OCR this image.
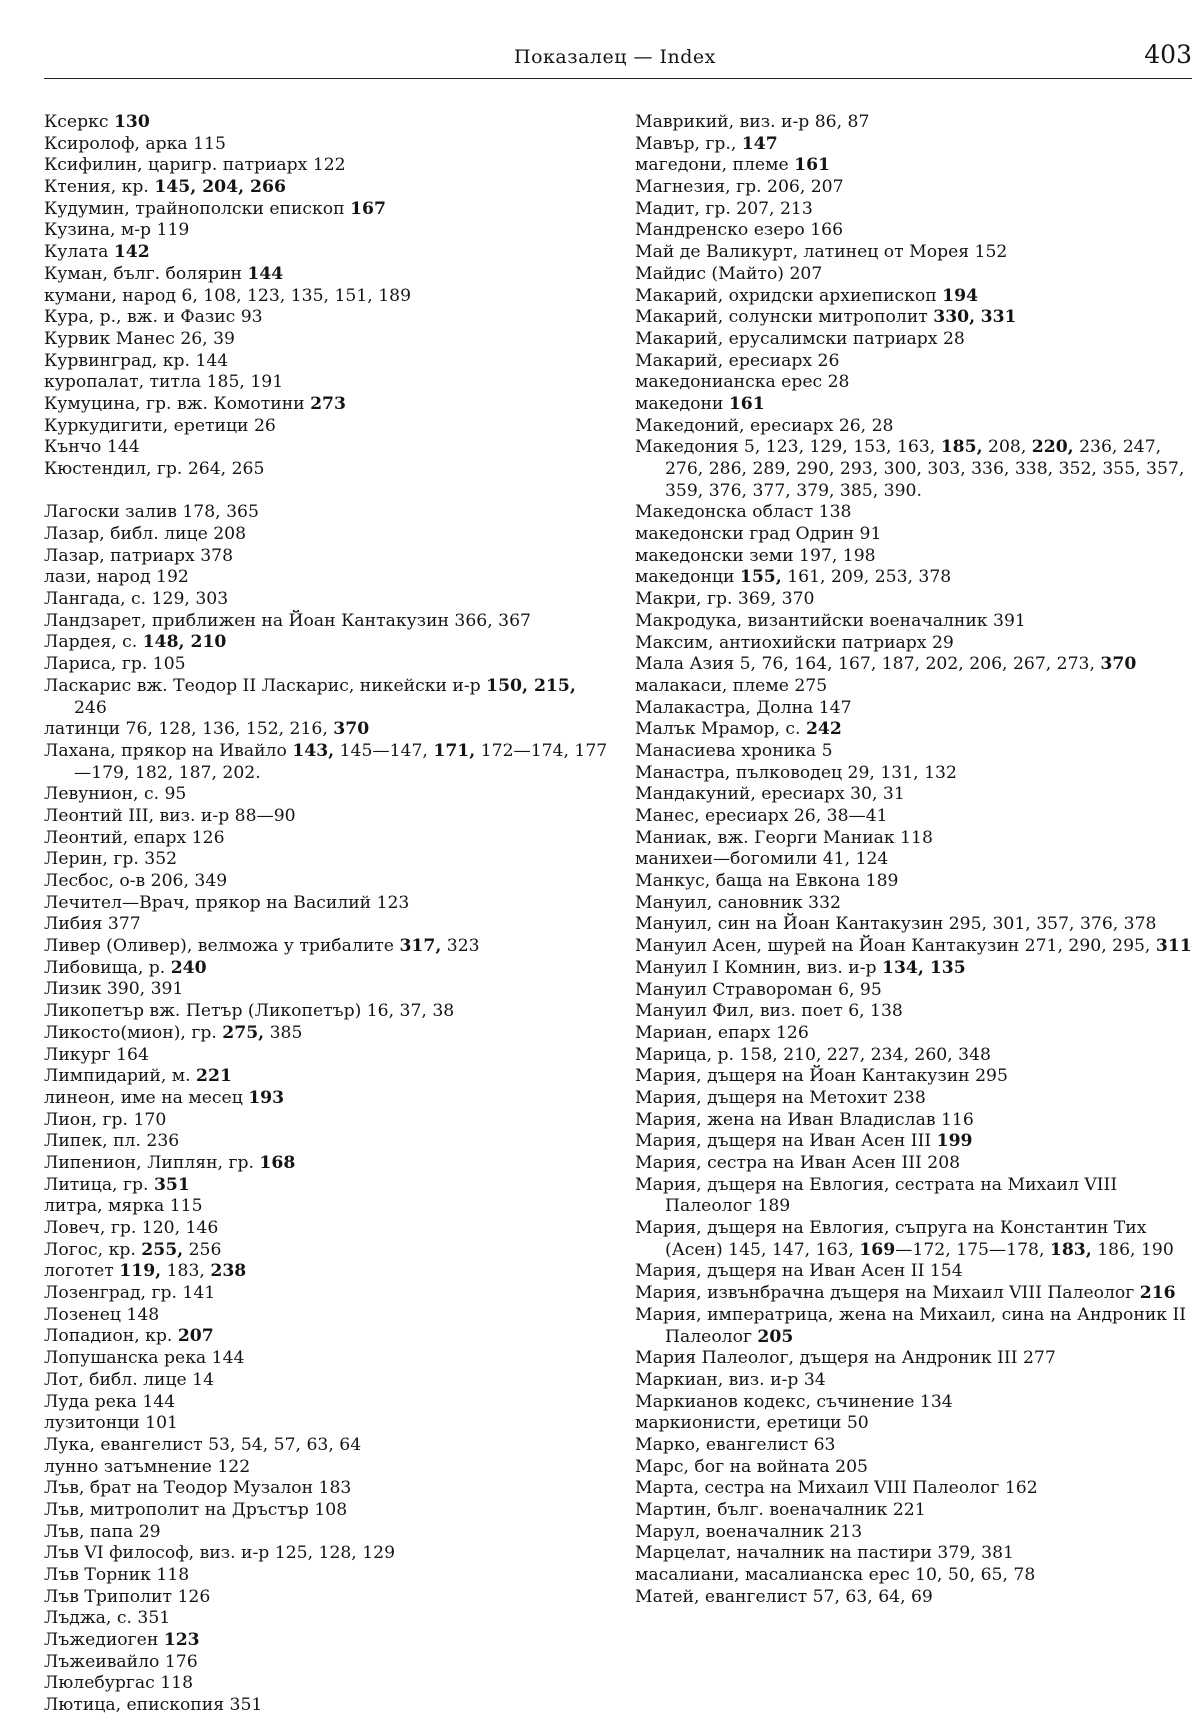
Показалец — Index	403
Ксеркс 130
Ксиролоф, арка 115
Ксифилин, царигр. патриарх 122
Ктения, кр. 145, 204, 266
Кудумин, трайнополски епископ 167
Кузина, м-р 119
Кулата 142
Куман, бълг. болярин 144
кумани, народ 6, 108, 123, 135, 151, 189
Кура, р., вж. и Фазис 93
Курвик Манес 26, 39
Курвинград, кр. 144
куропалат, титла 185, 191
Кумуцина, гр. вж. Комотини 273
Куркудигити, еретици 26
Кънчо 144
Кюстендил, гр. 264, 265
Лагоски залив 178, 365
Лазар, библ. лице 208
Лазар, патриарх 378
лази, народ 192
Лангада, с. 129, 303
Ландзарет, приближен на Йоан Кантакузин 366, 367
Лардея, с. 148, 210
Лариса, гр. 105
Ласкарис вж. Теодор II Ласкарис, никейски и-р 150, 215, 246
латинци 76, 128, 136, 152, 216, 370
Лахана, прякор на Ивайло 143, 145—147, 171, 172—174, 177—179, 182, 187, 202.
Левунион, с. 95
Леонтий III, виз. и-р 88—90
Леонтий, епарх 126
Лерин, гр. 352
Лесбос, о-в 206, 349
Лечител—Врач, прякор на Василий 123
Либия 377
Ливер (Оливер), велможа у трибалите 317, 323
Либовища, р. 240
Лизик 390, 391
Ликопетър вж. Петър (Ликопетър) 16, 37, 38
Ликосто(мион), гр. 275, 385
Ликург 164
Лимпидарий, м. 221
линеон, име на месец 193
Лион, гр. 170
Липек, пл. 236
Липенион, Липлян, гр. 168
Литица, гр. 351
литра, мярка 115
Ловеч, гр. 120, 146
Логос, кр. 255, 256
логотет 119, 183, 238
Лозенград, гр. 141
Лозенец 148
Лопадион, кр. 207
Лопушанска река 144
Лот, библ. лице 14
Луда река 144
лузитонци 101
Лука, евангелист 53, 54, 57, 63, 64
лунно затъмнение 122
Лъв, брат на Теодор Музалон 183
Лъв, митрополит на Дръстър 108
Лъв, папа 29
Лъв VI философ, виз. и-р 125, 128, 129
Лъв Торник 118
Лъв Триполит 126
Лъджа, с. 351
Лъжедиоген 123
Лъжеивайло 176
Люлебургас 118
Лютица, епископия 351
Маврикий, виз. и-р 86, 87
Мавър, гр., 147
магедони, племе 161
Магнезия, гр. 206, 207
Мадит, гр. 207, 213
Мандренско езеро 166
Май де Валикурт, латинец от Морея 152
Майдис (Майто) 207
Макарий, охридски архиепископ 194
Макарий, солунски митрополит 330, 331
Макарий, ерусалимски патриарх 28
Макарий, ересиарх 26
македонианска ерес 28
македони 161
Македоний, ересиарх 26, 28
Македония 5, 123, 129, 153, 163, 185, 208, 220, 236, 247, 276, 286, 289, 290, 293, 300, 303, 336, 338, 352, 355, 357, 359, 376, 377, 379, 385, 390.
Македонска област 138
македонски град Одрин 91
македонски земи 197, 198
македонци 155, 161, 209, 253, 378
Макри, гр. 369, 370
Макродука, византийски военачалник 391
Максим, антиохийски патриарх 29
Мала Азия 5, 76, 164, 167, 187, 202, 206, 267, 273, 370
малакаси, племе 275
Малакастра, Долна 147
Малък Мрамор, с. 242
Манасиева хроника 5
Манастра, пълководец 29, 131, 132
Мандакуний, ересиарх 30, 31
Манес, ересиарх 26, 38—41
Маниак, вж. Георги Маниак 118
манихеи—богомили 41, 124
Манкус, баща на Евкона 189
Мануил, сановник 332
Мануил, син на Йоан Кантакузин 295, 301, 357, 376, 378
Мануил Асен, шурей на Йоан Кантакузин 271, 290, 295, 311
Мануил I Комнин, виз. и-р 134, 135
Мануил Стравороман 6, 95
Мануил Фил, виз. поет 6, 138
Мариан, епарх 126
Марица, р. 158, 210, 227, 234, 260, 348
Мария, дъщеря на Йоан Кантакузин 295
Мария, дъщеря на Метохит 238
Мария, жена на Иван Владислав 116
Мария, дъщеря на Иван Асен III 199
Мария, сестра на Иван Асен III 208
Мария, дъщеря на Евлогия, сестрата на Михаил VIII Палеолог 189
Мария, дъщеря на Евлогия, съпруга на Константин Тих (Асен) 145, 147, 163, 169—172, 175—178, 183, 186, 190
Мария, дъщеря на Иван Асен II 154
Мария, извънбрачна дъщеря на Михаил VIII Палеолог 216
Мария, императрица, жена на Михаил, сина на Андроник II Палеолог 205
Мария Палеолог, дъщеря на Андроник III 277
Маркиан, виз. и-р 34
Маркианов кодекс, съчинение 134
маркионисти, еретици 50
Марко, евангелист 63
Марс, бог на войната 205
Марта, сестра на Михаил VIII Палеолог 162
Мартин, бълг. военачалник 221
Марул, военачалник 213
Марцелат, началник на пастири 379, 381
масалиани, масалианска ерес 10, 50, 65, 78
Матей, евангелист 57, 63, 64, 69
